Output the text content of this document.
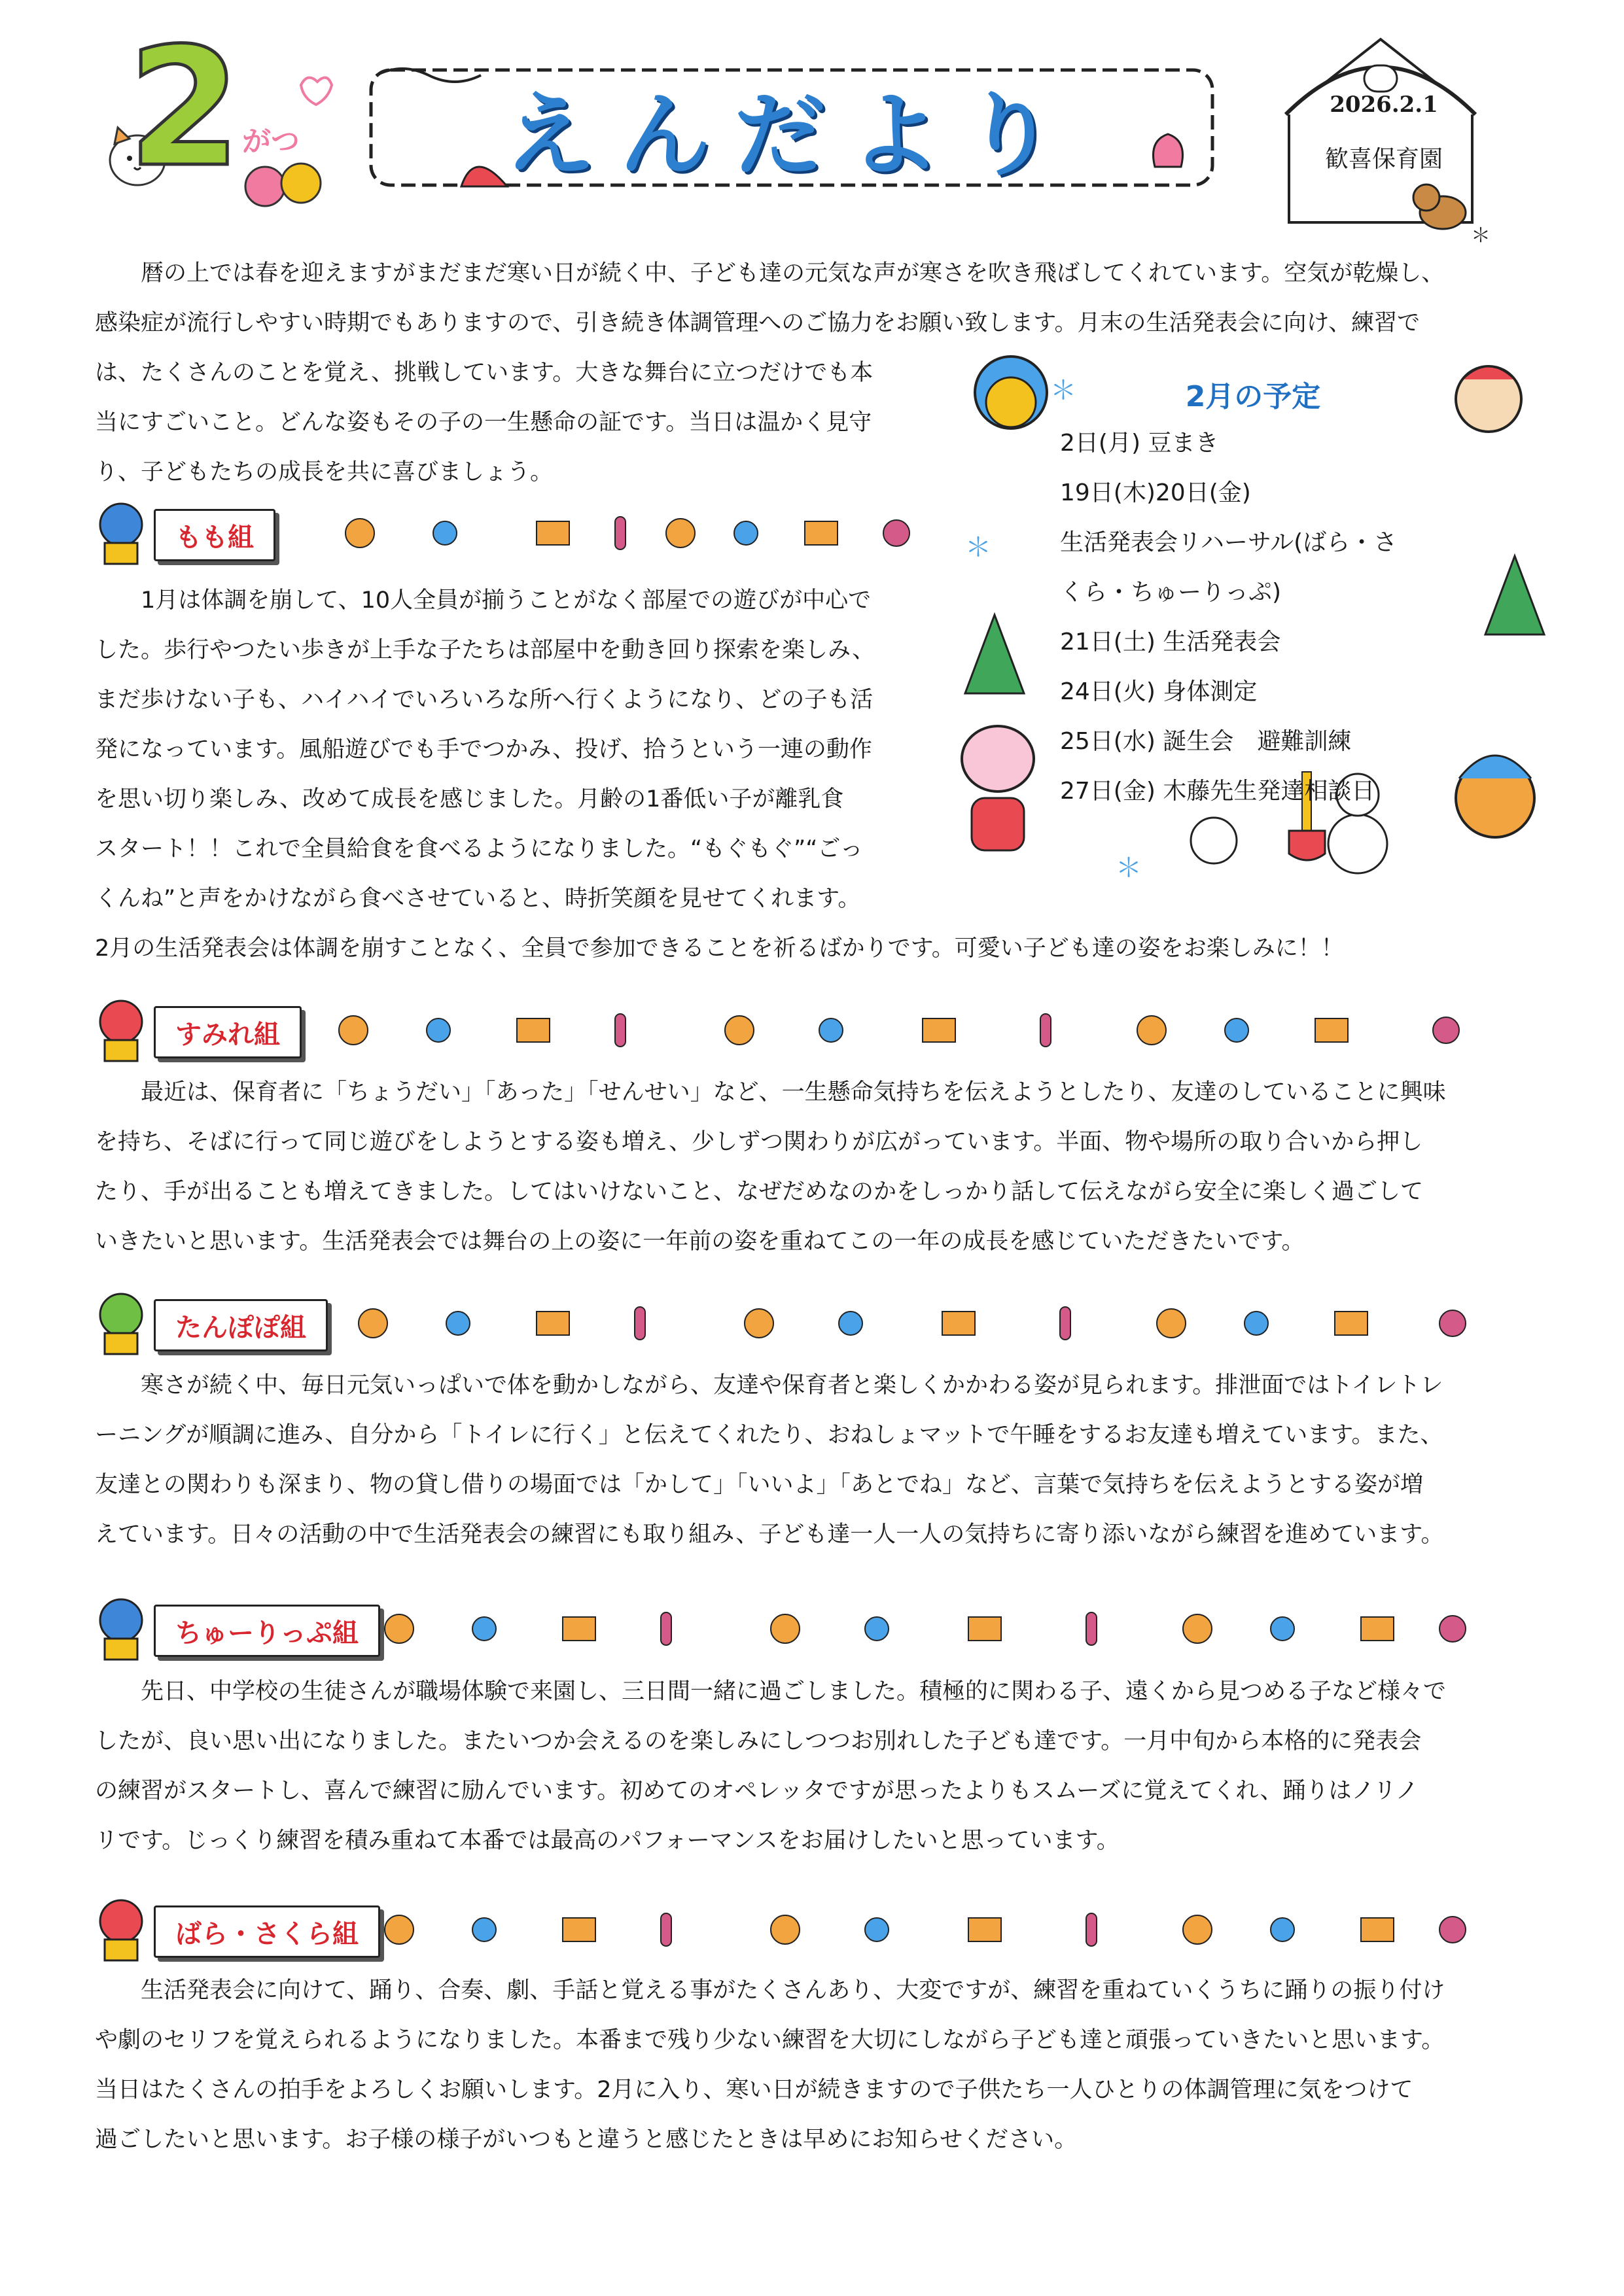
2 がつ	えんだより
＊
2026.2.1
歓喜保育園

暦の上では春を迎えますがまだまだ寒い日が続く中、子ども達の元気な声が寒さを吹き飛ばしてくれています。空気が乾燥し、
感染症が流行しやすい時期でもありますので、引き続き体調管理へのご協力をお願い致します。月末の生活発表会に向け、練習で
は、たくさんのことを覚え、挑戦しています。大きな舞台に立つだけでも本
当にすごいこと。どんな姿もその子の一生懸命の証です。当日は温かく見守
り、子どもたちの成長を共に喜びましょう。

＊
＊
＊
2月の予定
2日(月) 豆まき
19日(木)20日(金)
生活発表会リハーサル(ばら・さ
くら・ちゅーりっぷ)
21日(土) 生活発表会
24日(火) 身体測定
25日(水) 誕生会　避難訓練
27日(金) 木藤先生発達相談日
もも組

1月は体調を崩して、10人全員が揃うことがなく部屋での遊びが中心で
した。歩行やつたい歩きが上手な子たちは部屋中を動き回り探索を楽しみ、
まだ歩けない子も、ハイハイでいろいろな所へ行くようになり、どの子も活
発になっています。風船遊びでも手でつかみ、投げ、拾うという一連の動作
を思い切り楽しみ、改めて成長を感じました。月齢の1番低い子が離乳食
スタート！！これで全員給食を食べるようになりました。“もぐもぐ”“ごっ
くんね”と声をかけながら食べさせていると、時折笑顔を見せてくれます。

2月の生活発表会は体調を崩すことなく、全員で参加できることを祈るばかりです。可愛い子ども達の姿をお楽しみに！！

すみれ組

最近は、保育者に「ちょうだい」「あった」「せんせい」など、一生懸命気持ちを伝えようとしたり、友達のしていることに興味
を持ち、そばに行って同じ遊びをしようとする姿も増え、少しずつ関わりが広がっています。半面、物や場所の取り合いから押し
たり、手が出ることも増えてきました。してはいけないこと、なぜだめなのかをしっかり話して伝えながら安全に楽しく過ごして
いきたいと思います。生活発表会では舞台の上の姿に一年前の姿を重ねてこの一年の成長を感じていただきたいです。

たんぽぽ組

寒さが続く中、毎日元気いっぱいで体を動かしながら、友達や保育者と楽しくかかわる姿が見られます。排泄面ではトイレトレ
ーニングが順調に進み、自分から「トイレに行く」と伝えてくれたり、おねしょマットで午睡をするお友達も増えています。また、
友達との関わりも深まり、物の貸し借りの場面では「かして」「いいよ」「あとでね」など、言葉で気持ちを伝えようとする姿が増
えています。日々の活動の中で生活発表会の練習にも取り組み、子ども達一人一人の気持ちに寄り添いながら練習を進めています。

ちゅーりっぷ組

先日、中学校の生徒さんが職場体験で来園し、三日間一緒に過ごしました。積極的に関わる子、遠くから見つめる子など様々で
したが、良い思い出になりました。またいつか会えるのを楽しみにしつつお別れした子ども達です。一月中旬から本格的に発表会
の練習がスタートし、喜んで練習に励んでいます。初めてのオペレッタですが思ったよりもスムーズに覚えてくれ、踊りはノリノ
リです。じっくり練習を積み重ねて本番では最高のパフォーマンスをお届けしたいと思っています。

ばら・さくら組

生活発表会に向けて、踊り、合奏、劇、手話と覚える事がたくさんあり、大変ですが、練習を重ねていくうちに踊りの振り付け
や劇のセリフを覚えられるようになりました。本番まで残り少ない練習を大切にしながら子ども達と頑張っていきたいと思います。
当日はたくさんの拍手をよろしくお願いします。2月に入り、寒い日が続きますので子供たち一人ひとりの体調管理に気をつけて
過ごしたいと思います。お子様の様子がいつもと違うと感じたときは早めにお知らせください。
